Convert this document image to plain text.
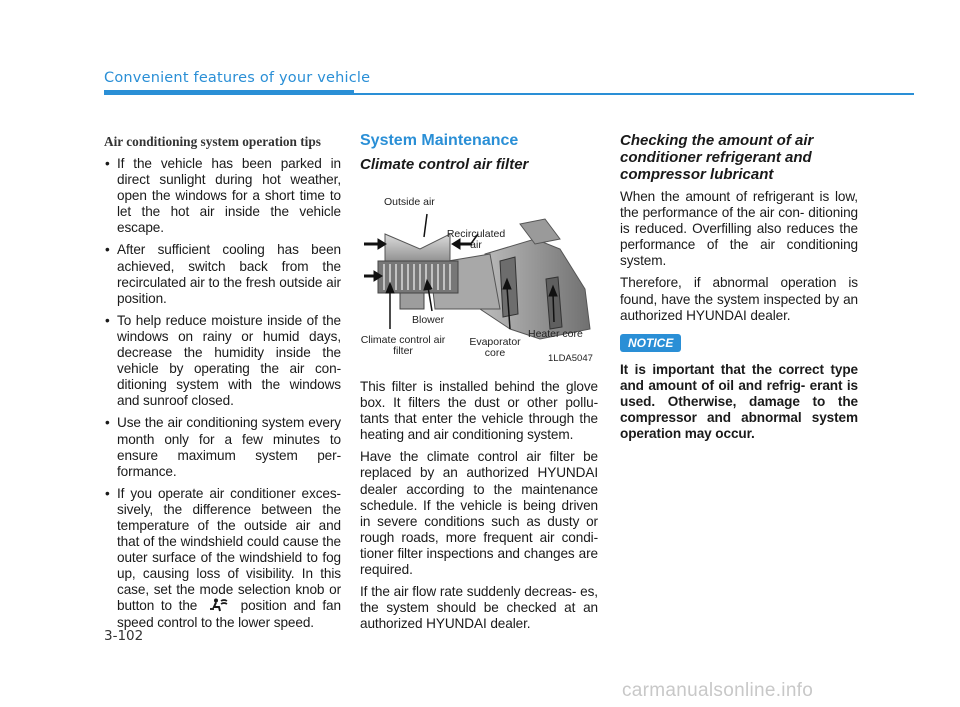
Convenient features of your vehicle
Air conditioning system operation tips
• If the vehicle has been parked in direct sunlight during hot weather, open the windows for a short time to let the hot air inside the vehicle escape.
• After sufficient cooling has been achieved, switch back from the recirculated air to the fresh outside air position.
• To help reduce moisture inside of the windows on rainy or humid days, decrease the humidity inside the vehicle by operating the air con- ditioning system with the windows and sunroof closed.
• Use the air conditioning system every month only for a few minutes to ensure maximum system per- formance.
• If you operate air conditioner exces- sively, the difference between the temperature of the outside air and that of the windshield could cause the outer surface of the windshield to fog up, causing loss of visibility. In this case, set the mode selection knob or button to the	position and fan speed control to the lower speed.
System Maintenance
Climate control air filter
Outside air
Recirculated air
Blower
Climate control air filter
Evaporator core
Heater core
1LDA5047

This filter is installed behind the glove box. It filters the dust or other pollu- tants that enter the vehicle through the heating and air conditioning system.

Have the climate control air filter be replaced by an authorized HYUNDAI dealer according to the maintenance schedule. If the vehicle is being driven in severe conditions such as dusty or rough roads, more frequent air condi- tioner filter inspections and changes are required.

If the air flow rate suddenly decreas- es, the system should be checked at an authorized HYUNDAI dealer.

Checking the amount of air conditioner refrigerant and compressor lubricant

When the amount of refrigerant is low, the performance of the air con- ditioning is reduced. Overfilling also reduces the performance of the air conditioning system.

Therefore, if abnormal operation is found, have the system inspected by an authorized HYUNDAI dealer.

NOTICE

It is important that the correct type and amount of oil and refrig- erant is used. Otherwise, damage to the compressor and abnormal system operation may occur.

3-102
carmanualsonline.info
